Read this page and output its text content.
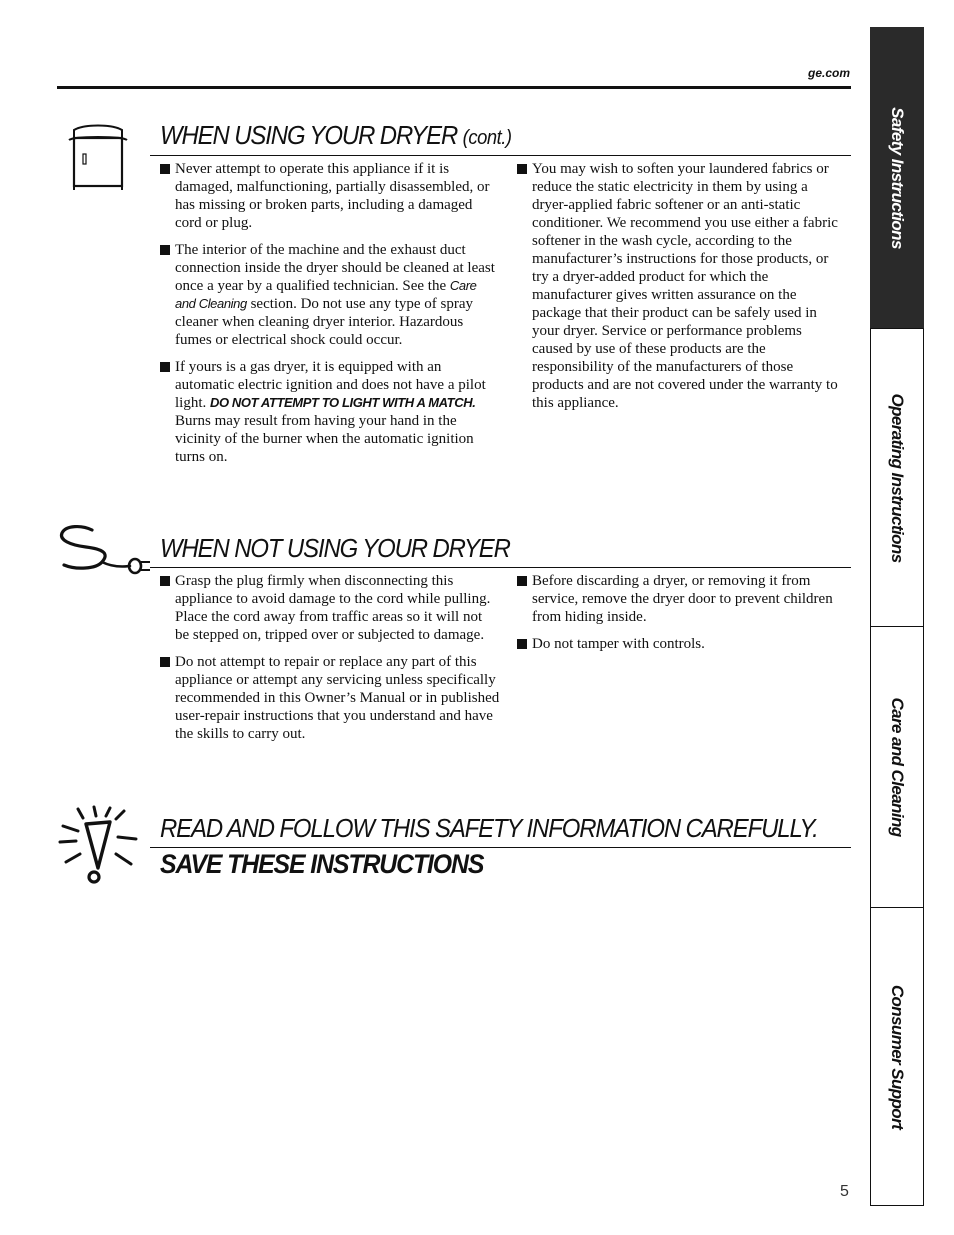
ge.com
WHEN USING YOUR DRYER (cont.)
Never attempt to operate this appliance if it is damaged, malfunctioning, partially disassembled, or has missing or broken parts, including a damaged cord or plug.
The interior of the machine and the exhaust duct connection inside the dryer should be cleaned at least once a year by a qualified technician. See the Care and Cleaning section. Do not use any type of spray cleaner when cleaning dryer interior. Hazardous fumes or electrical shock could occur.
If yours is a gas dryer, it is equipped with an automatic electric ignition and does not have a pilot light. DO NOT ATTEMPT TO LIGHT WITH A MATCH. Burns may result from having your hand in the vicinity of the burner when the automatic ignition turns on.
You may wish to soften your laundered fabrics or reduce the static electricity in them by using a dryer-applied fabric softener or an anti-static conditioner. We recommend you use either a fabric softener in the wash cycle, according to the manufacturer’s instructions for those products, or try a dryer-added product for which the manufacturer gives written assurance on the package that their product can be safely used in your dryer. Service or performance problems caused by use of these products are the responsibility of the manufacturers of those products and are not covered under the warranty to this appliance.
WHEN NOT USING YOUR DRYER
Grasp the plug firmly when disconnecting this appliance to avoid damage to the cord while pulling. Place the cord away from traffic areas so it will not be stepped on, tripped over or subjected to damage.
Do not attempt to repair or replace any part of this appliance or attempt any servicing unless specifically recommended in this Owner’s Manual or in published user-repair instructions that you understand and have the skills to carry out.
Before discarding a dryer, or removing it from service, remove the dryer door to prevent children from hiding inside.
Do not tamper with controls.
READ AND FOLLOW THIS SAFETY INFORMATION CAREFULLY.
SAVE THESE INSTRUCTIONS
Safety Instructions
Operating Instructions
Care and Cleaning
Consumer Support
5
